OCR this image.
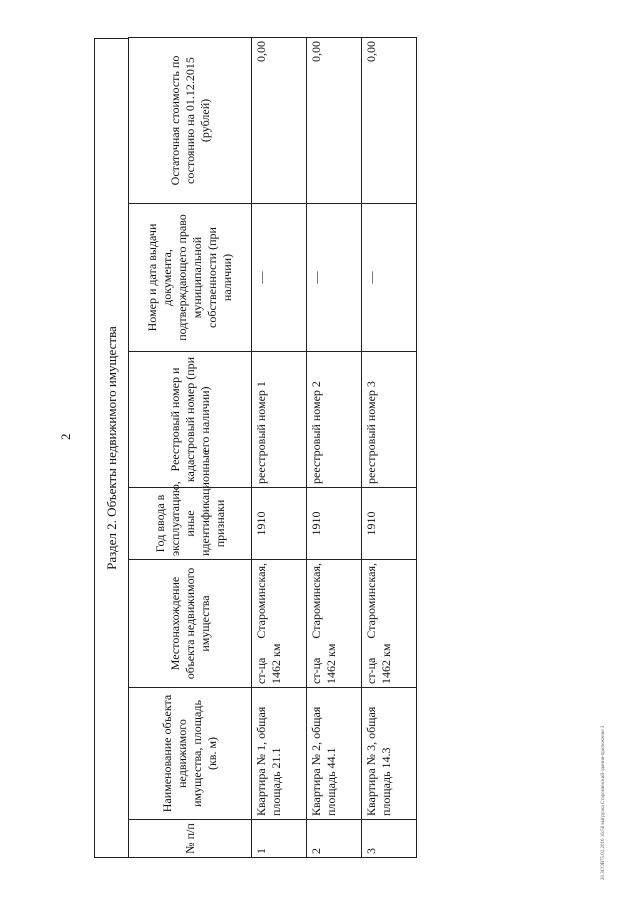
2
20.ЗСОВ75.02.2016 16:56 выгрузка Староминский-здания-приложение 3
Раздел 2. Объекты недвижимого имущества
№ п/п	Наименование объекта недвижимого имущества, площадь (кв. м)	Местонахождение объекта недвижимого имущества	Год ввода в эксплуатацию, иные идентификационные признаки	Реестровый номер и кадастровый номер (при его наличии)	Номер и дата выдачи документа, подтверждающего право муниципальной собственности (при наличии)	Остаточная стоимость по состоянию на 01.12.2015 (рублей)
1	Квартира № 1, общая площадь 21.1	ст-ца
Староминская,
1462 км	1910	реестровый номер 1	—	0,00
2	Квартира № 2, общая площадь 44.1	ст-ца
Староминская,
1462 км	1910	реестровый номер 2	—	0,00
3	Квартира № 3, общая площадь 14.3	ст-ца
Староминская,
1462 км	1910	реестровый номер 3	—	0,00
